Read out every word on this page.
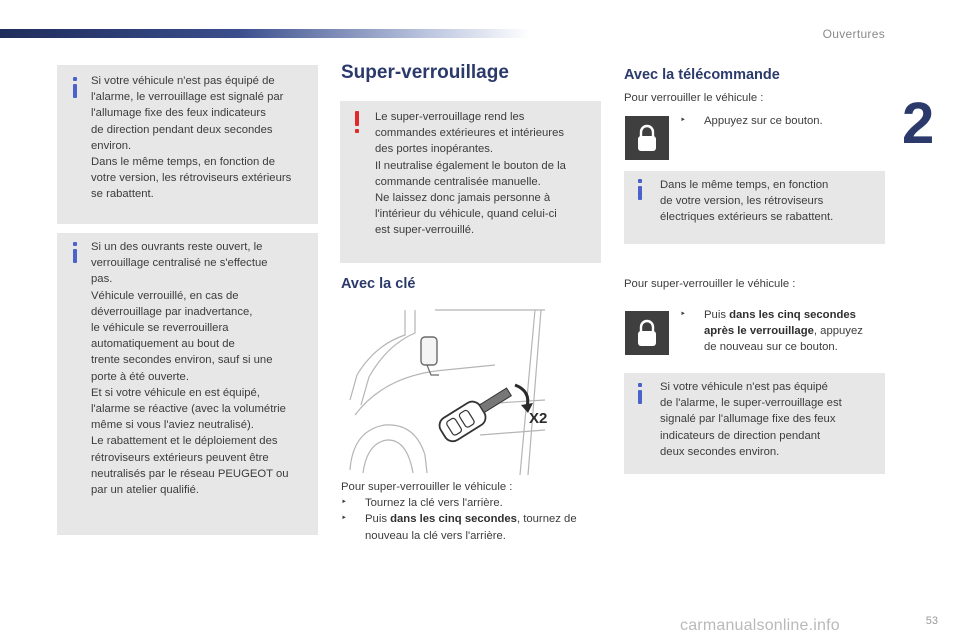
Ouvertures
2

Si votre véhicule n'est pas équipé de

l'alarme, le verrouillage est signalé par

l'allumage fixe des feux indicateurs

de direction pendant deux secondes

environ.

Dans le même temps, en fonction de

votre version, les rétroviseurs extérieurs

se rabattent.

Si un des ouvrants reste ouvert, le

verrouillage centralisé ne s'effectue

pas.

Véhicule verrouillé, en cas de

déverrouillage par inadvertance,

le véhicule se reverrouillera

automatiquement au bout de

trente secondes environ, sauf si une

porte à été ouverte.

Et si votre véhicule en est équipé,

l'alarme se réactive (avec la volumétrie

même si vous l'aviez neutralisé).

Le rabattement et le déploiement des

rétroviseurs extérieurs peuvent être

neutralisés par le réseau PEUGEOT ou

par un atelier qualifié.

Super-verrouillage

Le super-verrouillage rend les

commandes extérieures et intérieures

des portes inopérantes.

Il neutralise également le bouton de la

commande centralisée manuelle.

Ne laissez donc jamais personne à

l'intérieur du véhicule, quand celui-ci

est super-verrouillé.

Avec la clé
X2

Pour super-verrouiller le véhicule :

‣	Tournez la clé vers l'arrière.
‣	Puis dans les cinq secondes, tournez de
nouveau la clé vers l'arrière.
Avec la télécommande
Pour verrouiller le véhicule :
‣	Appuyez sur ce bouton.

Dans le même temps, en fonction

de votre version, les rétroviseurs

électriques extérieurs se rabattent.

Pour super-verrouiller le véhicule :
‣	Puis dans les cinq secondes
après le verrouillage, appuyez
de nouveau sur ce bouton.

Si votre véhicule n'est pas équipé

de l'alarme, le super-verrouillage est

signalé par l'allumage fixe des feux

indicateurs de direction pendant

deux secondes environ.

carmanualsonline.info	53
